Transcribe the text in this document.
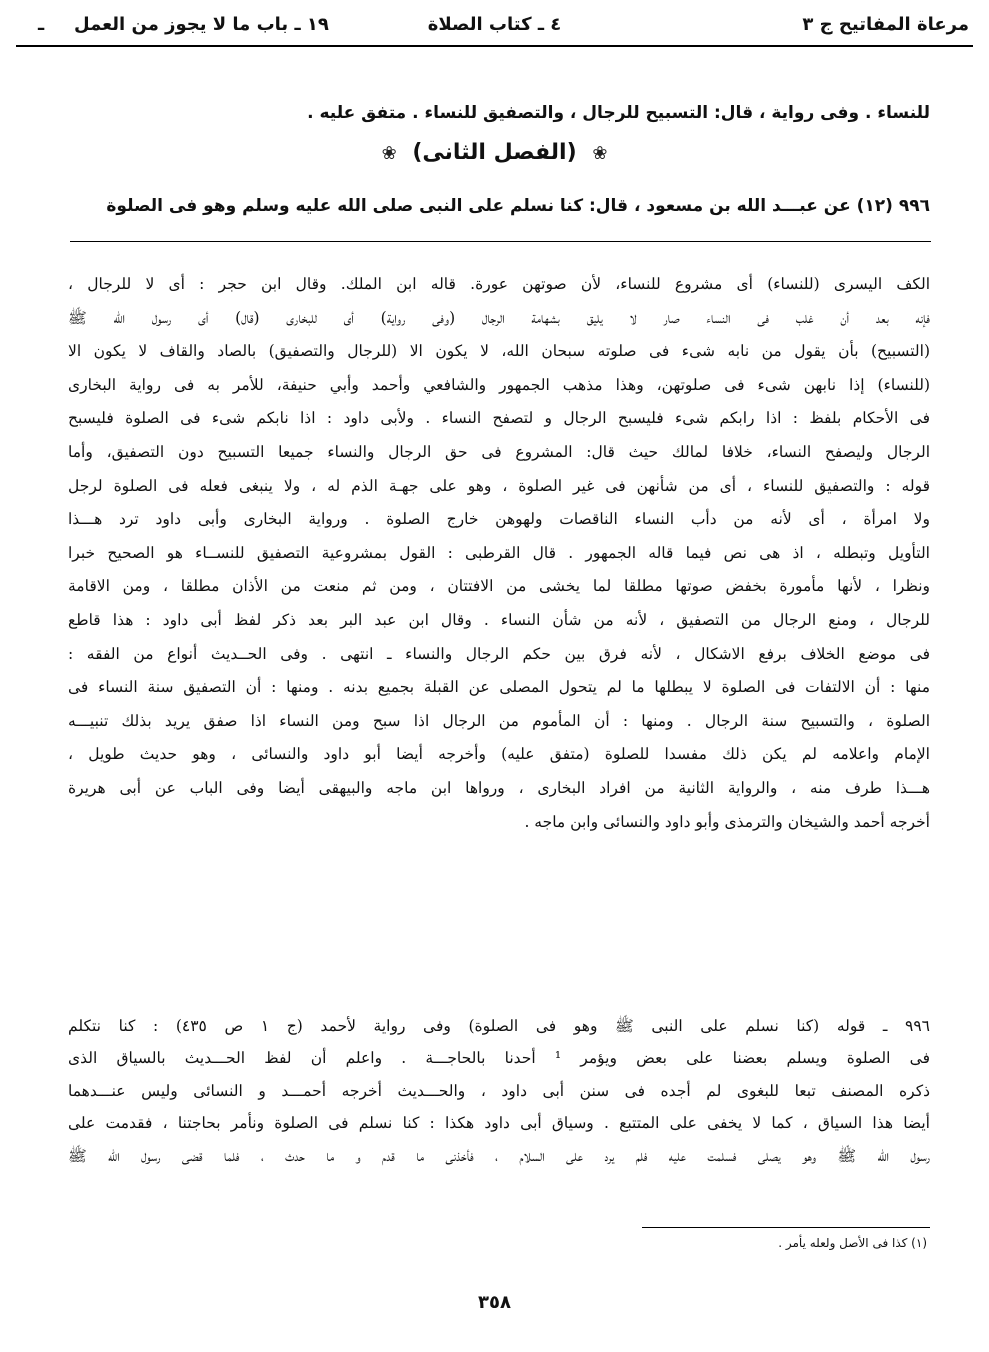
مرعاة المفاتيح ج ٣
٤ ـ كتاب الصلاة
١٩ ـ باب ما لا يجوز من العمل
ـ
للنساء . وفى رواية ، قال: التسبيح للرجال ، والتصفيق للنساء . متفق عليه .
❀ (الفصل الثانى) ❀
٩٩٦ (١٢) عن عبـــد الله بن مسعود ، قال: كنا نسلم على النبى صلى الله عليه وسلم وهو فى الصلوة
الكف اليسرى (للنساء) أى مشروع للنساء، لأن صوتهن عورة. قاله ابن الملك. وقال ابن حجر : أى لا للرجال ،
فإنه بعد أن غلب فى النساء صار لا يليق بشهامة الرجال (وفى رواية) أى للبخارى (قال) أى رسول الله ﷺ
(التسبيح) بأن يقول من نابه شىء فى صلوته سبحان الله، لا يكون الا (للرجال والتصفيق) بالصاد والقاف لا يكون الا
(للنساء) إذا نابهن شىء فى صلوتهن، وهذا مذهب الجمهور والشافعي وأحمد وأبي حنيفة، للأمر به فى رواية البخارى
فى الأحكام بلفظ : اذا رابكم شىء فليسبح الرجال و لتصفح النساء . ولأبى داود : اذا نابكم شىء فى الصلوة فليسبح
الرجال وليصفح النساء، خلافا لمالك حيث قال: المشروع فى حق الرجال والنساء جميعا التسبيح دون التصفيق، وأما
قوله : والتصفيق للنساء ، أى من شأنهن فى غير الصلوة ، وهو على جهـة الذم له ، ولا ينبغى فعله فى الصلوة لرجل
ولا امرأة ، أى لأنه من دأب النساء الناقصات ولهوهن خارج الصلوة . ورواية البخارى وأبى داود ترد هـــذا
التأويل وتبطله ، اذ هى نص فيما قاله الجمهور . قال القرطبى : القول بمشروعية التصفيق للنســاء هو الصحيح خبرا
ونظرا ، لأنها مأمورة بخفض صوتها مطلقا لما يخشى من الافتتان ، ومن ثم منعت من الأذان مطلقا ، ومن الاقامة
للرجال ، ومنع الرجال من التصفيق ، لأنه من شأن النساء . وقال ابن عبد البر بعد ذكر لفظ أبى داود : هذا قاطع
فى موضع الخلاف برفع الاشكال ، لأنه فرق بين حكم الرجال والنساء ـ انتهى . وفى الحــديث أنواع من الفقه :
منها : أن الالتفات فى الصلوة لا يبطلها ما لم يتحول المصلى عن القبلة بجميع بدنه . ومنها : أن التصفيق سنة النساء فى
الصلوة ، والتسبيح سنة الرجال . ومنها : أن المأموم من الرجال اذا سبح ومن النساء اذا صفق يريد بذلك تنبيـــه
الإمام واعلامه لم يكن ذلك مفسدا للصلوة (متفق عليه) وأخرجه أيضا أبو داود والنسائى ، وهو حديث طويل ،
هـــذا طرف منه ، والرواية الثانية من افراد البخارى ، ورواها ابن ماجه والبيهقى أيضا وفى الباب عن أبى هريرة
أخرجه أحمد والشيخان والترمذى وأبو داود والنسائى وابن ماجه .
٩٩٦ ـ قوله (كنا نسلم على النبى ﷺ وهو فى الصلوة) وفى رواية لأحمد (ج ١ ص ٤٣٥) : كنا نتكلم
فى الصلوة ويسلم بعضنا على بعض ويؤمر ¹ أحدنا بالحاجـــة . واعلم أن لفظ الحـــديث بالسياق الذى
ذكره المصنف تبعا للبغوى لم أجده فى سنن أبى داود ، والحـــديث أخرجه أحمـــد و النسائى وليس عنـــدهما
أيضا هذا السياق ، كما لا يخفى على المتتبع . وسياق أبى داود هكذا : كنا نسلم فى الصلوة ونأمر بحاجتنا ، فقدمت على
رسول الله ﷺ وهو يصلى فسلمت عليه فلم يرد على السلام ، فأخذنى ما قدم و ما حدث ، فلما قضى رسول الله ﷺ
(١) كذا فى الأصل ولعله يأمر .
٣٥٨
